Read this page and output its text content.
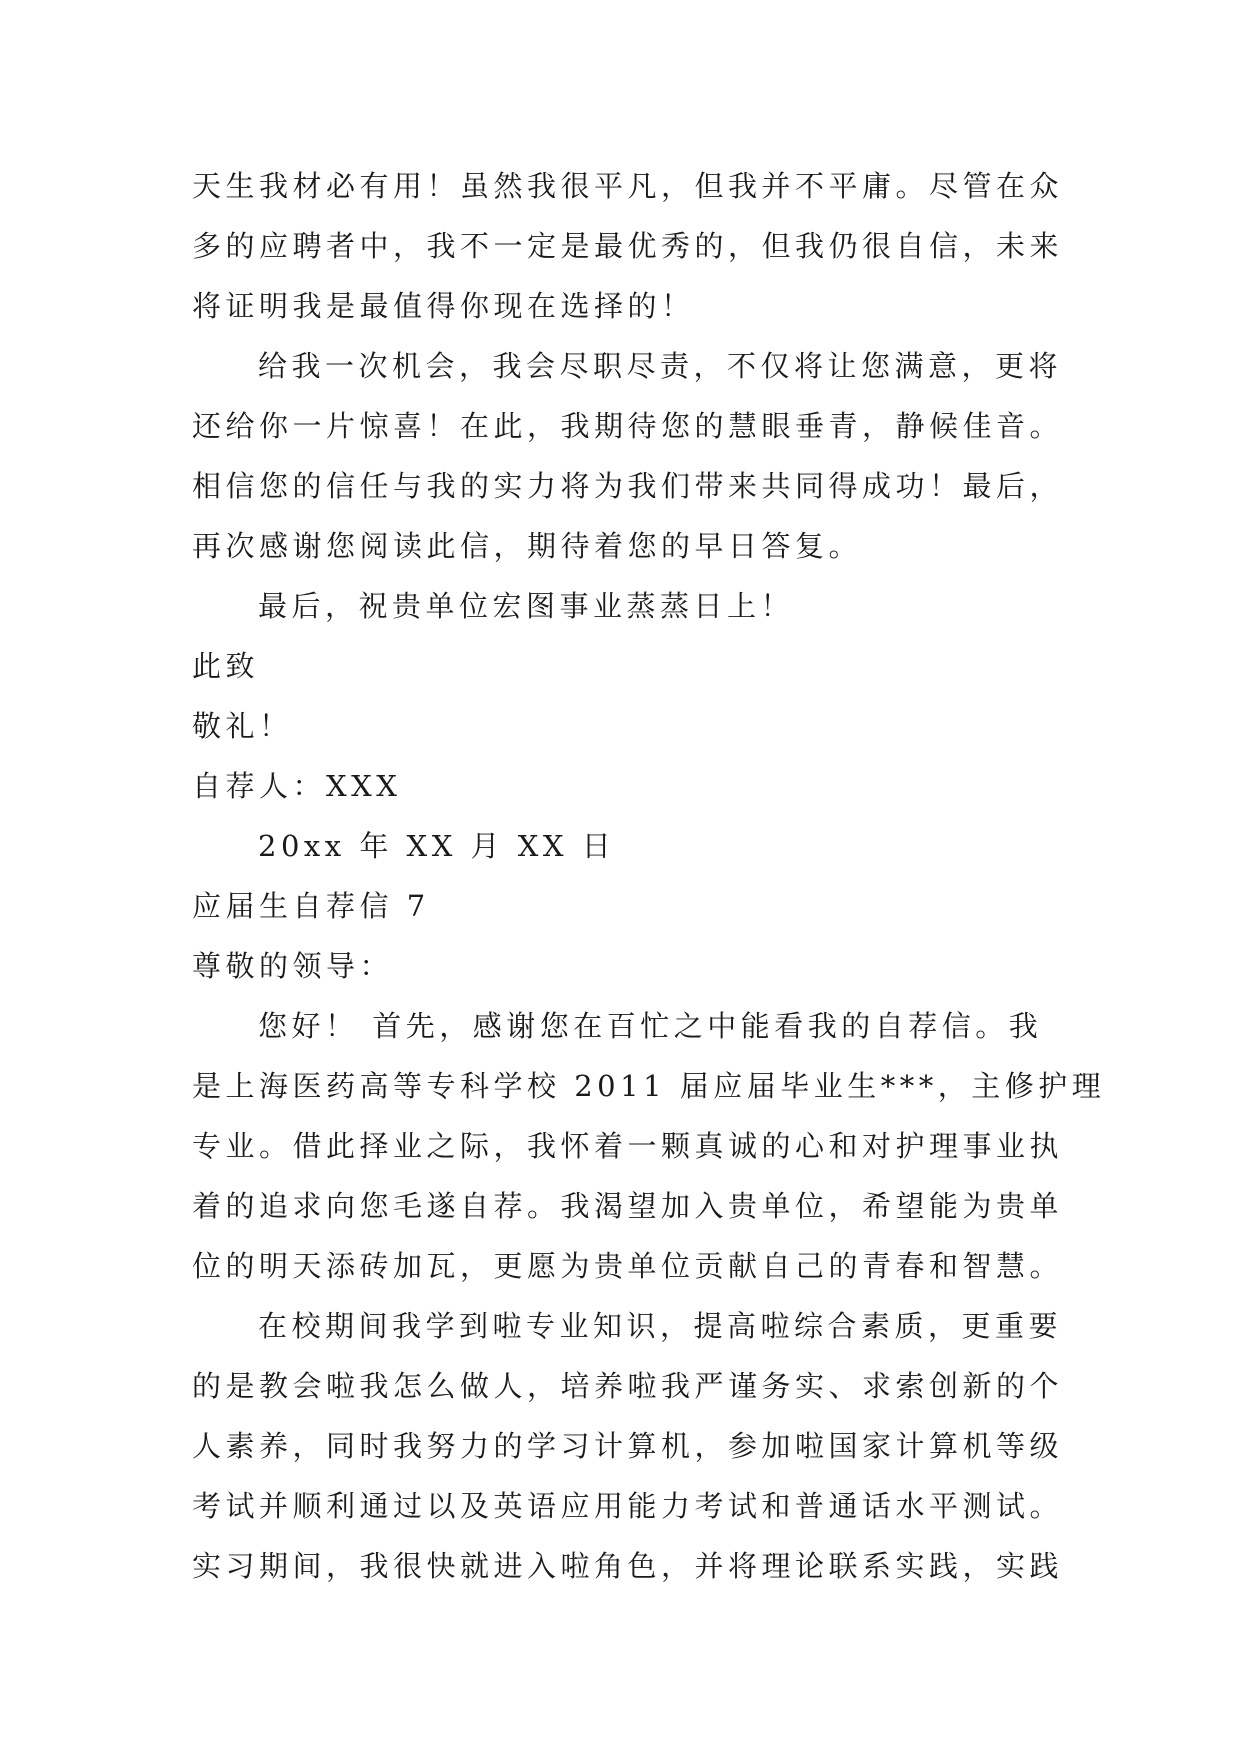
天生我材必有用！虽然我很平凡，但我并不平庸。尽管在众
多的应聘者中，我不一定是最优秀的，但我仍很自信，未来
将证明我是最值得你现在选择的！
给我一次机会，我会尽职尽责，不仅将让您满意，更将
还给你一片惊喜！在此，我期待您的慧眼垂青，静候佳音。
相信您的信任与我的实力将为我们带来共同得成功！最后，
再次感谢您阅读此信，期待着您的早日答复。
最后，祝贵单位宏图事业蒸蒸日上！
此致
敬礼！
自荐人：XXX
20xx 年 XX 月 XX 日
应届生自荐信 7
尊敬的领导：
您好！ 首先，感谢您在百忙之中能看我的自荐信。我
是上海医药高等专科学校 2011 届应届毕业生***，主修护理
专业。借此择业之际，我怀着一颗真诚的心和对护理事业执
着的追求向您毛遂自荐。我渴望加入贵单位，希望能为贵单
位的明天添砖加瓦，更愿为贵单位贡献自己的青春和智慧。
在校期间我学到啦专业知识，提高啦综合素质，更重要
的是教会啦我怎么做人，培养啦我严谨务实、求索创新的个
人素养，同时我努力的学习计算机，参加啦国家计算机等级
考试并顺利通过以及英语应用能力考试和普通话水平测试。
实习期间，我很快就进入啦角色，并将理论联系实践，实践
